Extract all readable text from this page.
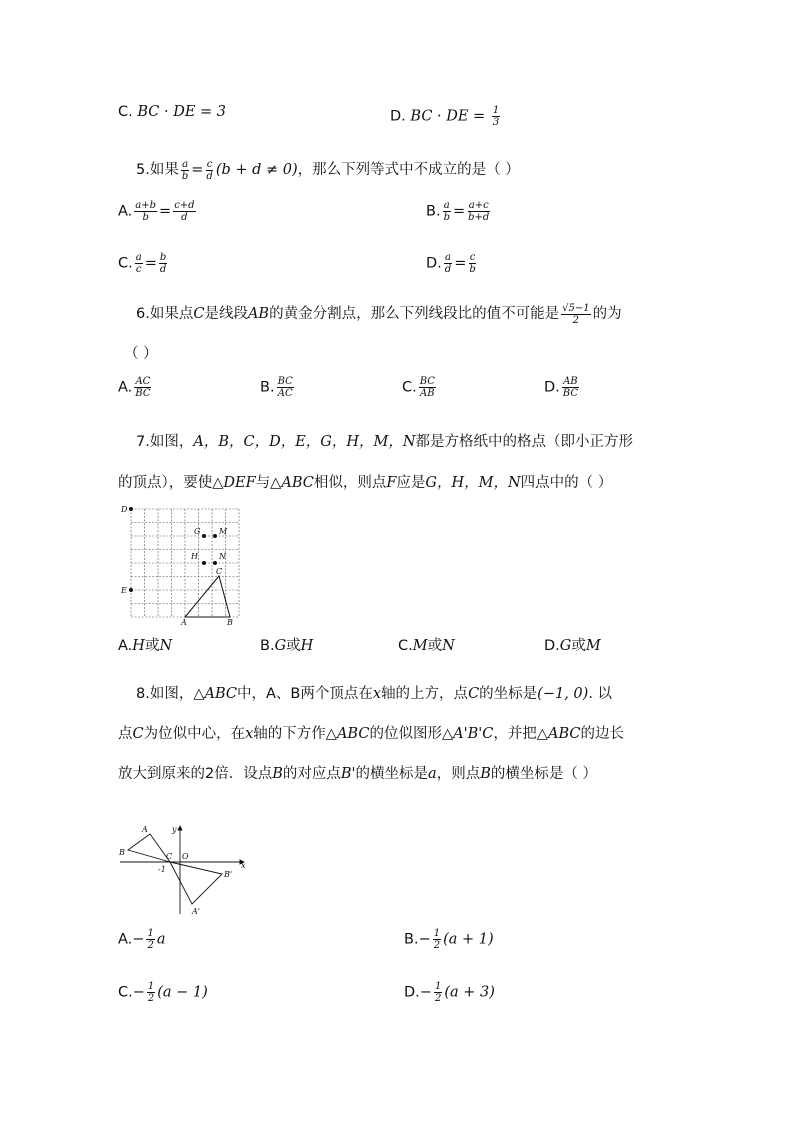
C. BC · DE = 3	D. BC · DE = $\frac{1}{3}$
5.如果 $\frac{a}{b} = \frac{c}{d} (b + d \ne 0)$，那么下列等式中不成立的是（ ）
A. $\frac{a+b}{b} = \frac{c+d}{d}$	B. $\frac{a}{b} = \frac{a+c}{b+d}$
C. $\frac{a}{c} = \frac{b}{d}$	D. $\frac{a}{d} = \frac{c}{b}$
6.如果点C是线段AB的黄金分割点，那么下列线段比的值不可能是 $\frac{√5-1}{2}$ 的为
（ ）
A. $\frac{AC}{BC}$	B. $\frac{BC}{AC}$	C. $\frac{BC}{AB}$	D. $\frac{AB}{BC}$
7.如图，A，B，C，D，E，G，H，M，N都是方格纸中的格点（即小正方形
的顶点），要使△DEF与△ABC相似，则点F应是G，H，M，N四点中的（ ）
D
E
G M
H	N
C
A	B
A.H或N	B.G或H	C.M或N	D.G或M
8.如图，△ABC中，A、B两个顶点在x轴的上方，点C的坐标是(−1, 0). 以
点C为位似中心，在x轴的下方作△ABC的位似图形△A'B'C，并把△ABC的边长
放大到原来的2倍．设点B的对应点B'的横坐标是a，则点B的横坐标是（ ）
y
x
A
B	C O
-1
B'
A'
$A.- \frac{1}{2}$ a	$B.- \frac{1}{2} (a + 1)$
$C.- \frac{1}{2} (a - 1)$	$D.- \frac{1}{2} (a + 3)$
